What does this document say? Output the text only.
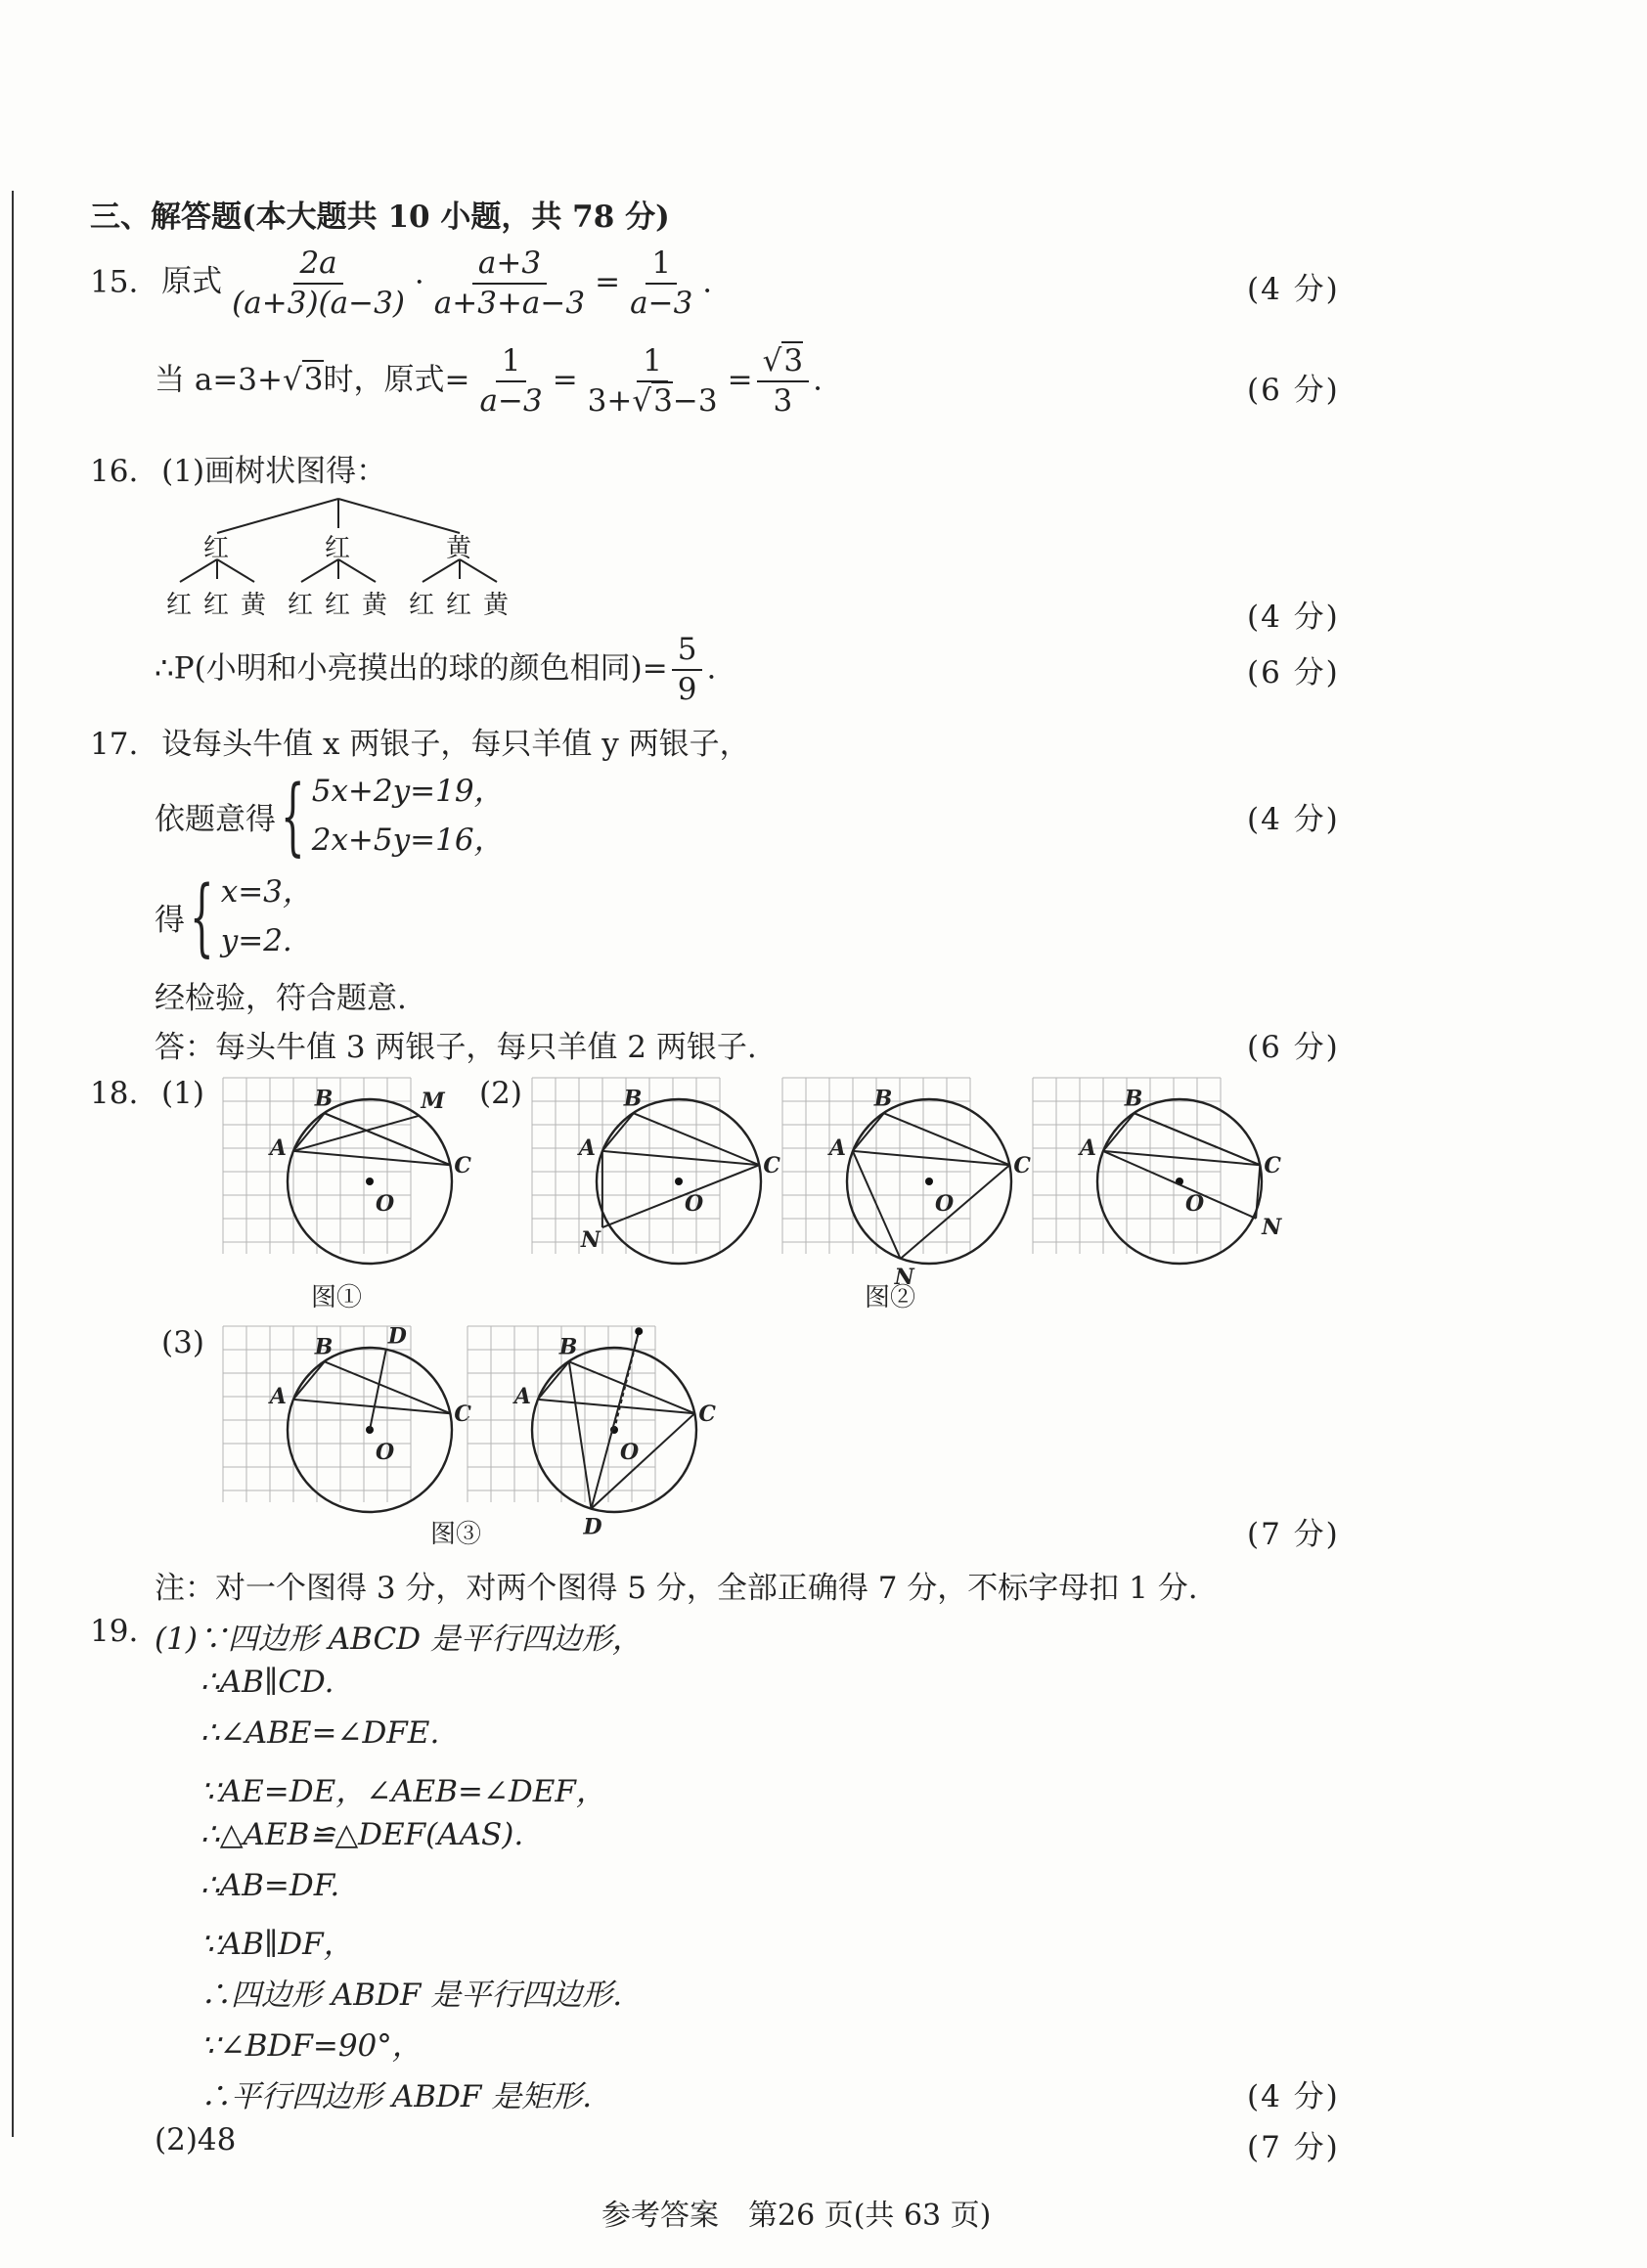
三、解答题(本大题共 10 小题，共 78 分)
15. 原式 $\frac{2a}{(a+3)(a-3)} \cdot \frac{a+3}{a+3+a-3} = \frac{1}{a-3}$ .	(4 分)
当 a=3+√3时，原式= $\frac{1}{a-3} = \frac{1}{3+√3-3} = \frac{√3}{3}$ .	(6 分)
16. (1)画树状图得：
红	红	黄
红 红 黄 红 红 黄 红 红 黄	(4 分)
∴P(小明和小亮摸出的球的颜色相同)= $\frac{5}{9}$ .	(6 分)
17. 设每头牛值 x 两银子，每只羊值 y 两银子，
依题意得 { 5x+2y=19，
2x+5y=16，
(4 分)
得 { x=3，
y=2.
经检验，符合题意.
答：每头牛值 3 两银子，每只羊值 2 两银子.	(6 分)
18. (1)	(2)
(3)
A
B
C
O
M
A
B
C
O
N
A
B
C
O
N
A
B
C
O
N
A
B
C
O
D
A
B
C
O
D
图①	图②
图③	(7 分)
注：对一个图得 3 分，对两个图得 5 分，全部正确得 7 分，不标字母扣 1 分.
19. (1)∵四边形 ABCD 是平行四边形，
∴AB∥CD.
∴∠ABE=∠DFE.
∵AE=DE，∠AEB=∠DEF，
∴△AEB≌△DEF(AAS).
∴AB=DF.
∵AB∥DF，
∴四边形 ABDF 是平行四边形.
∵∠BDF=90°，
∴平行四边形 ABDF 是矩形.	(4 分)
(2)48	(7 分)
参考答案　第26 页(共 63 页)
